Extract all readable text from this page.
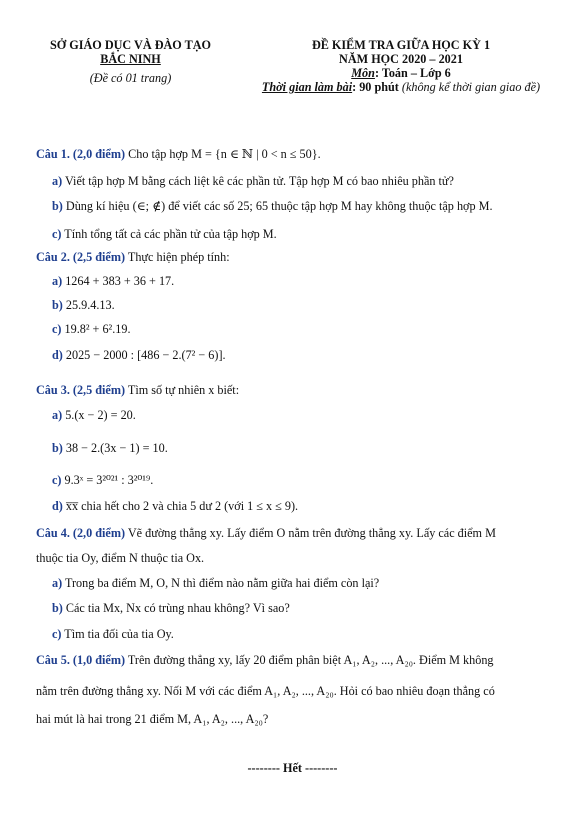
SỞ GIÁO DỤC VÀ ĐÀO TẠO
BẮC NINH
(Đề có 01 trang)
ĐỀ KIỂM TRA GIỮA HỌC KỲ 1
NĂM HỌC 2020 – 2021
Môn: Toán – Lớp 6
Thời gian làm bài: 90 phút (không kể thời gian giao đề)
Câu 1. (2,0 điểm) Cho tập hợp M = {n ∈ ℕ | 0 < n ≤ 50}.
a) Viết tập hợp M bằng cách liệt kê các phần tử. Tập hợp M có bao nhiêu phần tử?
b) Dùng kí hiệu (∈; ∉) để viết các số 25; 65 thuộc tập hợp M hay không thuộc tập hợp M.
c) Tính tổng tất cả các phần tử của tập hợp M.
Câu 2. (2,5 điểm) Thực hiện phép tính:
a) 1264 + 383 + 36 + 17.
b) 25.9.4.13.
c) 19.8² + 6².19.
d) 2025 − 2000 : [486 − 2.(7² − 6)].
Câu 3. (2,5 điểm) Tìm số tự nhiên x biết:
a) 5.(x − 2) = 20.
b) 38 − 2.(3x − 1) = 10.
c) 9.3ˣ = 3²⁰²¹ : 3²⁰¹⁹.
d) x̅x̅ chia hết cho 2 và chia 5 dư 2 (với 1 ≤ x ≤ 9).
Câu 4. (2,0 điểm) Vẽ đường thẳng xy. Lấy điểm O nằm trên đường thẳng xy. Lấy các điểm M
thuộc tia Oy, điểm N thuộc tia Ox.
a) Trong ba điểm M, O, N thì điểm nào nằm giữa hai điểm còn lại?
b) Các tia Mx, Nx có trùng nhau không? Vì sao?
c) Tìm tia đối của tia Oy.
Câu 5. (1,0 điểm) Trên đường thẳng xy, lấy 20 điểm phân biệt A₁, A₂, ..., A₂₀. Điểm M không
nằm trên đường thẳng xy. Nối M với các điểm A₁, A₂, ..., A₂₀. Hỏi có bao nhiêu đoạn thẳng có
hai mút là hai trong 21 điểm M, A₁, A₂, ..., A₂₀?
-------- Hết --------
